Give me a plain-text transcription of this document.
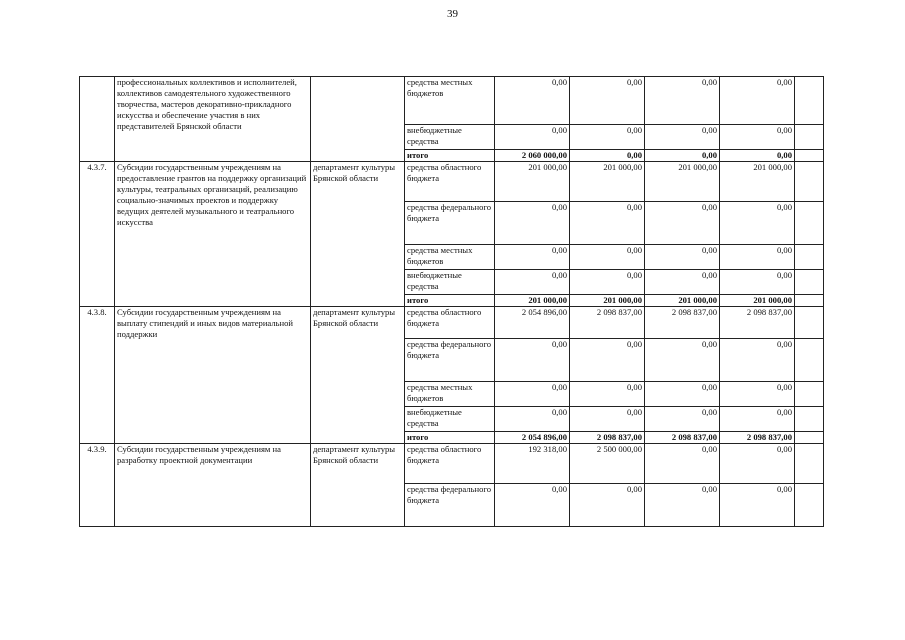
39
	профессиональных коллективов и исполнителей, коллективов самодеятельного художественного творчества, мастеров декоративно-прикладного искусства и обеспечение участия в них представителей Брянской области		средства местных бюджетов	0,00	0,00	0,00	0,00	
			внебюджетные средства	0,00	0,00	0,00	0,00	
			итого	2 060 000,00	0,00	0,00	0,00	
4.3.7.	Субсидии государственным учреждениям на предоставление грантов на поддержку организаций культуры, театральных организаций, реализацию социально-значимых проектов и поддержку ведущих деятелей музыкального и театрального искусства	департамент культуры Брянской области	средства областного бюджета	201 000,00	201 000,00	201 000,00	201 000,00	
			средства федерального бюджета	0,00	0,00	0,00	0,00	
			средства местных бюджетов	0,00	0,00	0,00	0,00	
			внебюджетные средства	0,00	0,00	0,00	0,00	
			итого	201 000,00	201 000,00	201 000,00	201 000,00	
4.3.8.	Субсидии государственным учреждениям на выплату стипендий и иных видов материальной поддержки	департамент культуры Брянской области	средства областного бюджета	2 054 896,00	2 098 837,00	2 098 837,00	2 098 837,00	
			средства федерального бюджета	0,00	0,00	0,00	0,00	
			средства местных бюджетов	0,00	0,00	0,00	0,00	
			внебюджетные средства	0,00	0,00	0,00	0,00	
			итого	2 054 896,00	2 098 837,00	2 098 837,00	2 098 837,00	
4.3.9.	Субсидии государственным учреждениям на разработку проектной документации	департамент культуры Брянской области	средства областного бюджета	192 318,00	2 500 000,00	0,00	0,00	
			средства федерального бюджета	0,00	0,00	0,00	0,00	
